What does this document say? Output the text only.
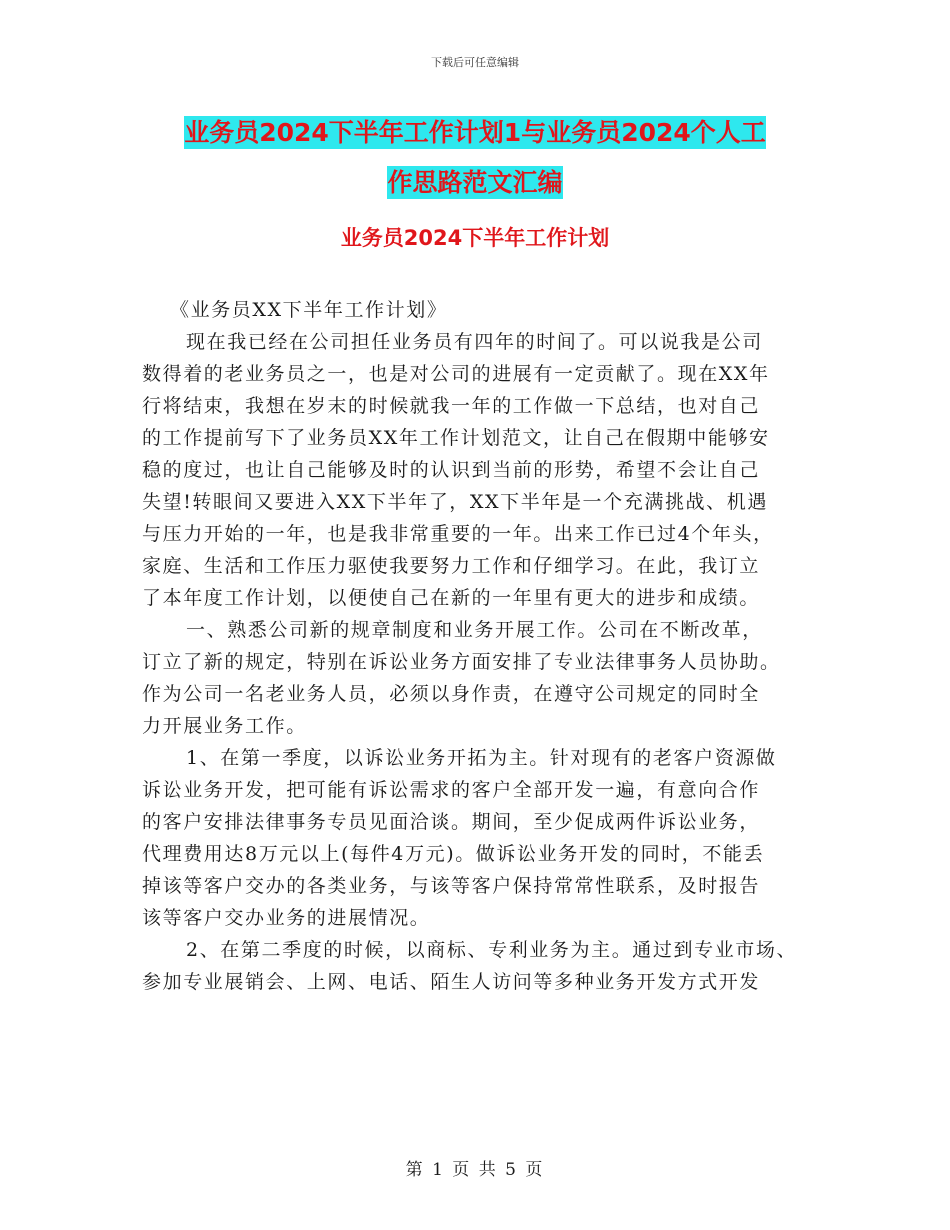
下载后可任意编辑
业务员2024下半年工作计划1与业务员2024个人工
作思路范文汇编
业务员2024下半年工作计划
《业务员XX下半年工作计划》
现在我已经在公司担任业务员有四年的时间了。可以说我是公司
数得着的老业务员之一，也是对公司的进展有一定贡献了。现在XX年
行将结束，我想在岁末的时候就我一年的工作做一下总结，也对自己
的工作提前写下了业务员XX年工作计划范文，让自己在假期中能够安
稳的度过，也让自己能够及时的认识到当前的形势，希望不会让自己
失望!转眼间又要进入XX下半年了，XX下半年是一个充满挑战、机遇
与压力开始的一年，也是我非常重要的一年。出来工作已过4个年头，
家庭、生活和工作压力驱使我要努力工作和仔细学习。在此，我订立
了本年度工作计划，以便使自己在新的一年里有更大的进步和成绩。
一、熟悉公司新的规章制度和业务开展工作。公司在不断改革，
订立了新的规定，特别在诉讼业务方面安排了专业法律事务人员协助。
作为公司一名老业务人员，必须以身作责，在遵守公司规定的同时全
力开展业务工作。
1、在第一季度，以诉讼业务开拓为主。针对现有的老客户资源做
诉讼业务开发，把可能有诉讼需求的客户全部开发一遍，有意向合作
的客户安排法律事务专员见面洽谈。期间，至少促成两件诉讼业务，
代理费用达8万元以上(每件4万元)。做诉讼业务开发的同时，不能丢
掉该等客户交办的各类业务，与该等客户保持常常性联系，及时报告
该等客户交办业务的进展情况。
2、在第二季度的时候，以商标、专利业务为主。通过到专业市场、
参加专业展销会、上网、电话、陌生人访问等多种业务开发方式开发
第 1 页 共 5 页
